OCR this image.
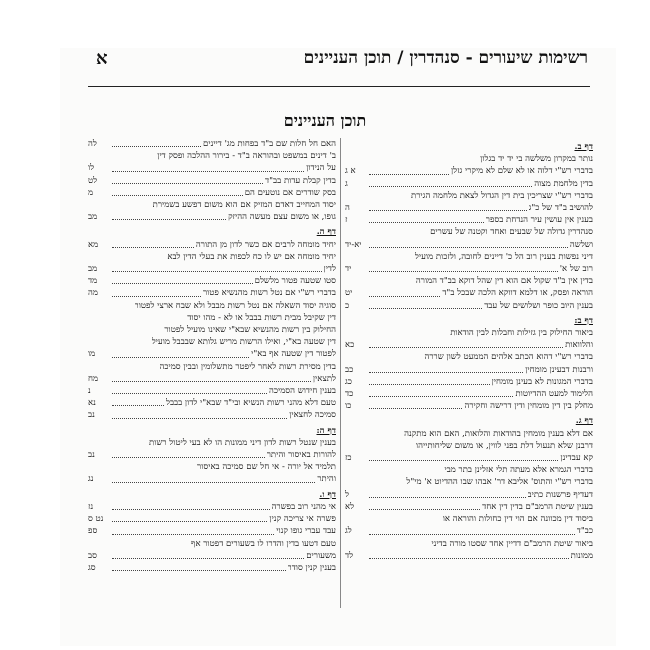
רשימות שיעורים - סנהדרין / תוכן העניינים
א
תוכן העניינים
דף ב.
נותר במקרון משלשה בי יד יד בגלון
בדברי רש"י דלוה או לא שלם לא מיקרי גזלן
א ג
בדין מלחמת מצוה
ג
בדברי רש"י שצריכין בית דין הגדול לצאת מלחמה הגירת
להושיב ב"ד של כ"ג
ה
בענין אין עושין עיר הנדחת בספר
ז
סנהדרין גדולה של שבעים ואחד וקטנה של עשרים
ושלשה
יא-יד
דיני נפשות בענין רוב הל כ' דיינים לחובה, ולזכות מועיל
רוב של א'
יד
בדין אין ב"ד שקול אם הוא דין שהל דוקא בב"ד המורה
הוראה ופסק, או דלמא דווקא הלכה שבכל ב"ד
יט
בענין היוב כופר ושלושים של עבד
כ
דף ב:
ביאור החילוק בין גזילות וחבלות לבין הודאות
והלוואות
כא
בדברי רש"י דהוא הכתב אלהים הממעט לשון שררה
ורבנות דבעינן מומחין
כב
בדברי המגונות לא בעינן מומחין
כג
הלימוד למעט ההדיוטות
כד
מחלק בין דין מומחין ודין דרישה וחקירה
כו
דף ג.
אם דלא בענין מומחין בהודאות והלואות, האם הוא מתקנה
דרבנן שלא תנעול דלת בפני לווין, או משום שליחותייהו
קא עבדינן
כז
בדברי הגמרא אלא מעתה תלי אזלינן בתר מבי
בדברי רש"י והתוס' אליבא דר' אבהו שבו ההדיוט א' מי"ל
דעדיף פרשנות כתיב
ל
בענין שיטת הרמב"ם בדין דין אחד
לא
ביסוד דין מכוונה אם הוי דין כחולות והוראה או
כב"ד
לג
ביאור שיטת הרמב"ם דדיין אחד שסטו מורה בדיני
ממונות
לד
האם חל חלות שם ב"ד בפחות מג' דיינים
לה
ב' דינים במשפט ובהוראה ב"ד - בירור ההלכה ופסק דין
על הנידון
לו
בדין קבלת עדות בב"ד
לט
בסק שודרים אם נוטעים הם
מ
יסוד המחייב דאדם המזיק אם הוא משום דפשע בשמירת
גופו, או משום עצם מעשה ההיזק
מב
דף ה.
יחיד מומחה לרבים אם כשר לדון מן התורה
מא
יחיד מומחה אם יש לו כח לכפות את בעלי הדין לבא
לדין
מב
סטו שטעה פטור מלשלם
מד
בדברי רש"י אם נטל רשות מהנשיא פטור
מה
סוגיה יסוד השאלה אם נטל רשות מבבל ולא שבח ארצי לפטור
דין שקיבל מבית רשות בבבל או לא - מהו יסוד
החילוק בין רשות מהנשיא שבא"י שאינו מועיל לפטור
דין שטעה בא"י, ואילו הרשות מריש גלותא שבבבל מועיל
לפטור דין שטעה אף בא"י
מו
בדין מסירת רשות לאחר ליפטר מתשלומין ובבין סמיכה
לתצאין
מח
בענין חידוש הסמיכה
נ
טעם דלא מהני רשות הנשיא ובי"ד שבא"י לדון בבבל
נא
סמיכה לחצאין
נב
דף ה:
בענין שנטל רשות לדון דיני ממונות הו לא בעי ליטול רשות
להורות באיסור והיתר
נב
תלמיד אל יורה - אי חל שם סמיכה באיסור
והיתר
נג
דף ו.
אי מהני רוב בפשרה
נז
פשרה אי צריכה קנין
נט ס
עבד עברי גופו קנוי
ספ
טעם דטעו בדין והדרו לו בשעורים דפטור אף
משעורים
סב
בענין קנין סודר
סג
